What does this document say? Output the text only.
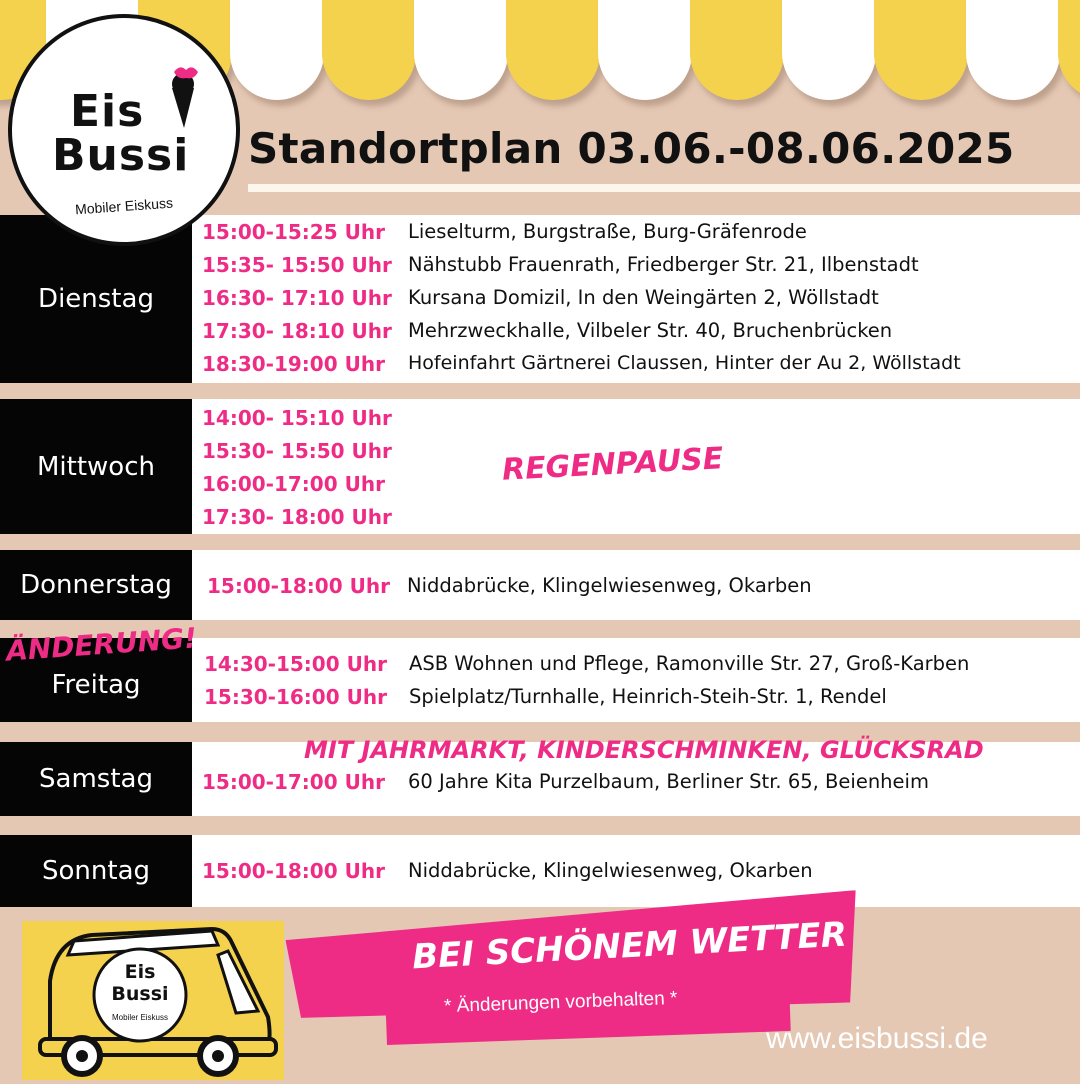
Eis
Bussi
Mobiler Eiskuss
Standortplan 03.06.-08.06.2025
Dienstag
15:00-15:25 Uhr Lieselturm, Burgstraße, Burg-Gräfenrode
15:35- 15:50 Uhr Nähstubb Frauenrath, Friedberger Str. 21, Ilbenstadt
16:30- 17:10 Uhr Kursana Domizil, In den Weingärten 2, Wöllstadt
17:30- 18:10 Uhr Mehrzweckhalle, Vilbeler Str. 40, Bruchenbrücken
18:30-19:00 Uhr Hofeinfahrt Gärtnerei Claussen, Hinter der Au 2, Wöllstadt
Mittwoch
14:00- 15:10 Uhr
15:30- 15:50 Uhr
16:00-17:00 Uhr
17:30- 18:00 Uhr
REGENPAUSE
Donnerstag	15:00-18:00 Uhr Niddabrücke, Klingelwiesenweg, Okarben
Freitag
14:30-15:00 Uhr ASB Wohnen und Pflege, Ramonville Str. 27, Groß-Karben
15:30-16:00 Uhr Spielplatz/Turnhalle, Heinrich-Steih-Str. 1, Rendel
ÄNDERUNG!
Samstag	15:00-17:00 Uhr 60 Jahre Kita Purzelbaum, Berliner Str. 65, Beienheim
MIT JAHRMARKT, KINDERSCHMINKEN, GLÜCKSRAD
Sonntag	15:00-18:00 Uhr Niddabrücke, Klingelwiesenweg, Okarben
Eis
Bussi
Mobiler Eiskuss
BEI SCHÖNEM WETTER
* Änderungen vorbehalten *
www.eisbussi.de
